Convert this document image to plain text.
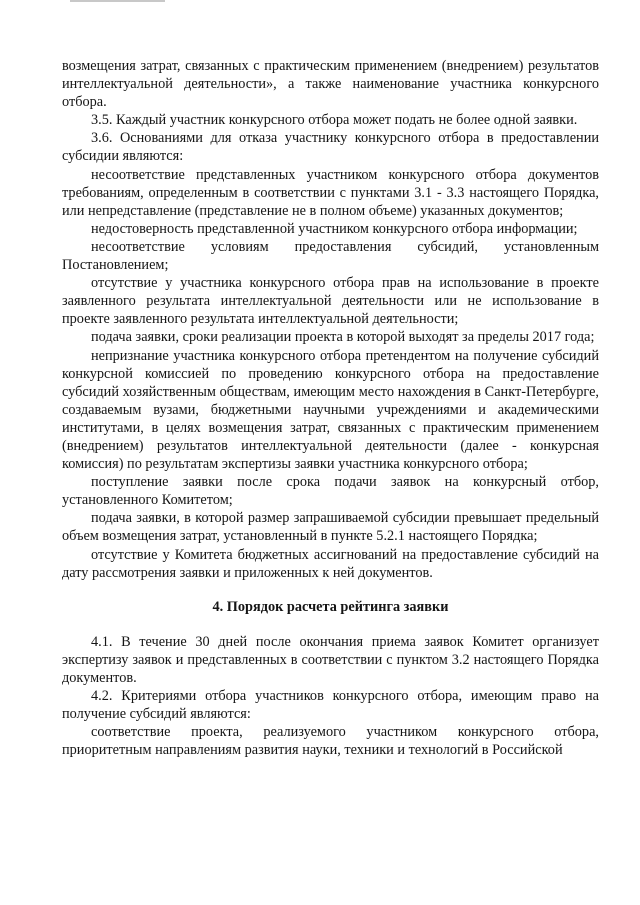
возмещения затрат, связанных с практическим применением (внедрением) результатов интеллектуальной деятельности», а также наименование участника конкурсного отбора.

3.5. Каждый участник конкурсного отбора может подать не более одной заявки.

3.6. Основаниями для отказа участнику конкурсного отбора в предоставлении субсидии являются:

несоответствие представленных участником конкурсного отбора документов требованиям, определенным в соответствии с пунктами 3.1 - 3.3 настоящего Порядка, или непредставление (представление не в полном объеме) указанных документов;

недостоверность представленной участником конкурсного отбора информации;

несоответствие условиям предоставления субсидий, установленным Постановлением;

отсутствие у участника конкурсного отбора прав на использование в проекте заявленного результата интеллектуальной деятельности или не использование в проекте заявленного результата интеллектуальной деятельности;

подача заявки, сроки реализации проекта в которой выходят за пределы 2017 года;

непризнание участника конкурсного отбора претендентом на получение субсидий конкурсной комиссией по проведению конкурсного отбора на предоставление субсидий хозяйственным обществам, имеющим место нахождения в Санкт-Петербурге, создаваемым вузами, бюджетными научными учреждениями и академическими институтами, в целях возмещения затрат, связанных с практическим применением (внедрением) результатов интеллектуальной деятельности (далее - конкурсная комиссия) по результатам экспертизы заявки участника конкурсного отбора;

поступление заявки после срока подачи заявок на конкурсный отбор, установленного Комитетом;

подача заявки, в которой размер запрашиваемой субсидии превышает предельный объем возмещения затрат, установленный в пункте 5.2.1 настоящего Порядка;

отсутствие у Комитета бюджетных ассигнований на предоставление субсидий на дату рассмотрения заявки и приложенных к ней документов.

4. Порядок расчета рейтинга заявки

4.1. В течение 30 дней после окончания приема заявок Комитет организует экспертизу заявок и представленных в соответствии с пунктом 3.2 настоящего Порядка документов.

4.2. Критериями отбора участников конкурсного отбора, имеющим право на получение субсидий являются:

соответствие проекта, реализуемого участником конкурсного отбора, приоритетным направлениям развития науки, техники и технологий в Российской
